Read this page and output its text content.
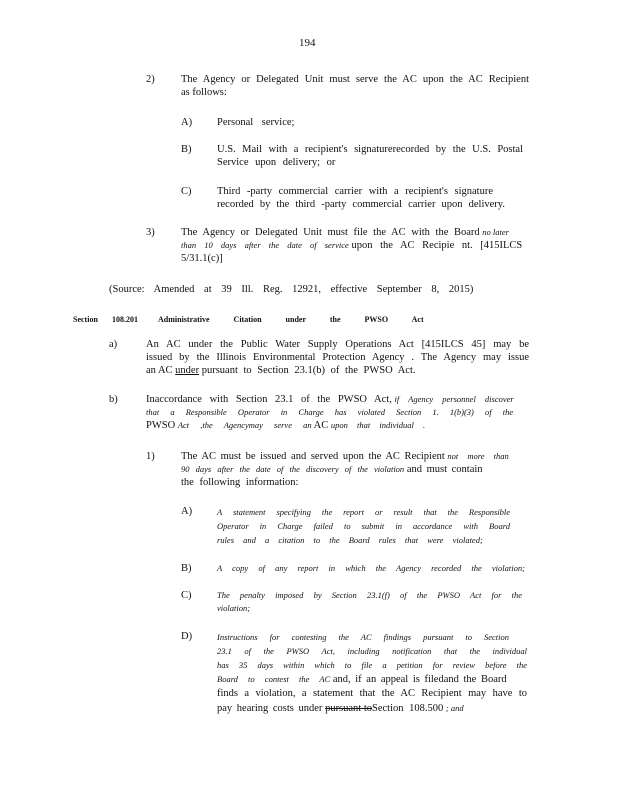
194
2)	The Agency or Delegated Unit must serve the AC upon the AC Recipient
as follows:
A) Personal service;
B) U.S. Mail with a recipient's signaturerecorded by the U.S. Postal
Service upon delivery; or
C) Third -party commercial carrier with a recipient's signature
recorded by the third -party commercial carrier upon delivery.
3)	The Agency or Delegated Unit must file the AC with the Board no later
than 10 days after the date of service upon the AC Recipie nt. [415ILCS
5/31.1(c)]
(Source: Amended at 39 Ill. Reg. 12921, effective September 8, 2015)
Section 108.201	Administrative Citation under the PWSO Act
a)	An AC under the Public Water Supply Operations Act [415ILCS 45] may be
issued by the Illinois Environmental Protection Agency . The Agency may issue
an AC under pursuant to Section 23.1(b) of the PWSO Act.
b)	Inaccordance with Section 23.1 of the PWSO Act, if Agency personnel discover
that a Responsible Operator in Charge has violated Section 1. 1(b)(3) of the
PWSO Act ,the Agencymay serve an AC upon that individual .
1)	The AC must be issued and served upon the AC Recipient not more than
90 days after the date of the discovery of the violation and must contain
the following information:
A)	A statement specifying the report or result that the Responsible
Operator in Charge failed to submit in accordance with Board
rules and a citation to the Board rules that were violated;
B)	A copy of any report in which the Agency recorded the violation;
C)	The penalty imposed by Section 23.1(f) of the PWSO Act for the
violation;
D)	Instructions for contesting the AC findings pursuant to Section
23.1 of the PWSO Act, including notification that the individual
has 35 days within which to file a petition for review before the
Board to contest the AC and, if an appeal is filedand the Board
finds a violation, a statement that the AC Recipient may have to
pay hearing costs under pursuant toSection 108.500 ; and
